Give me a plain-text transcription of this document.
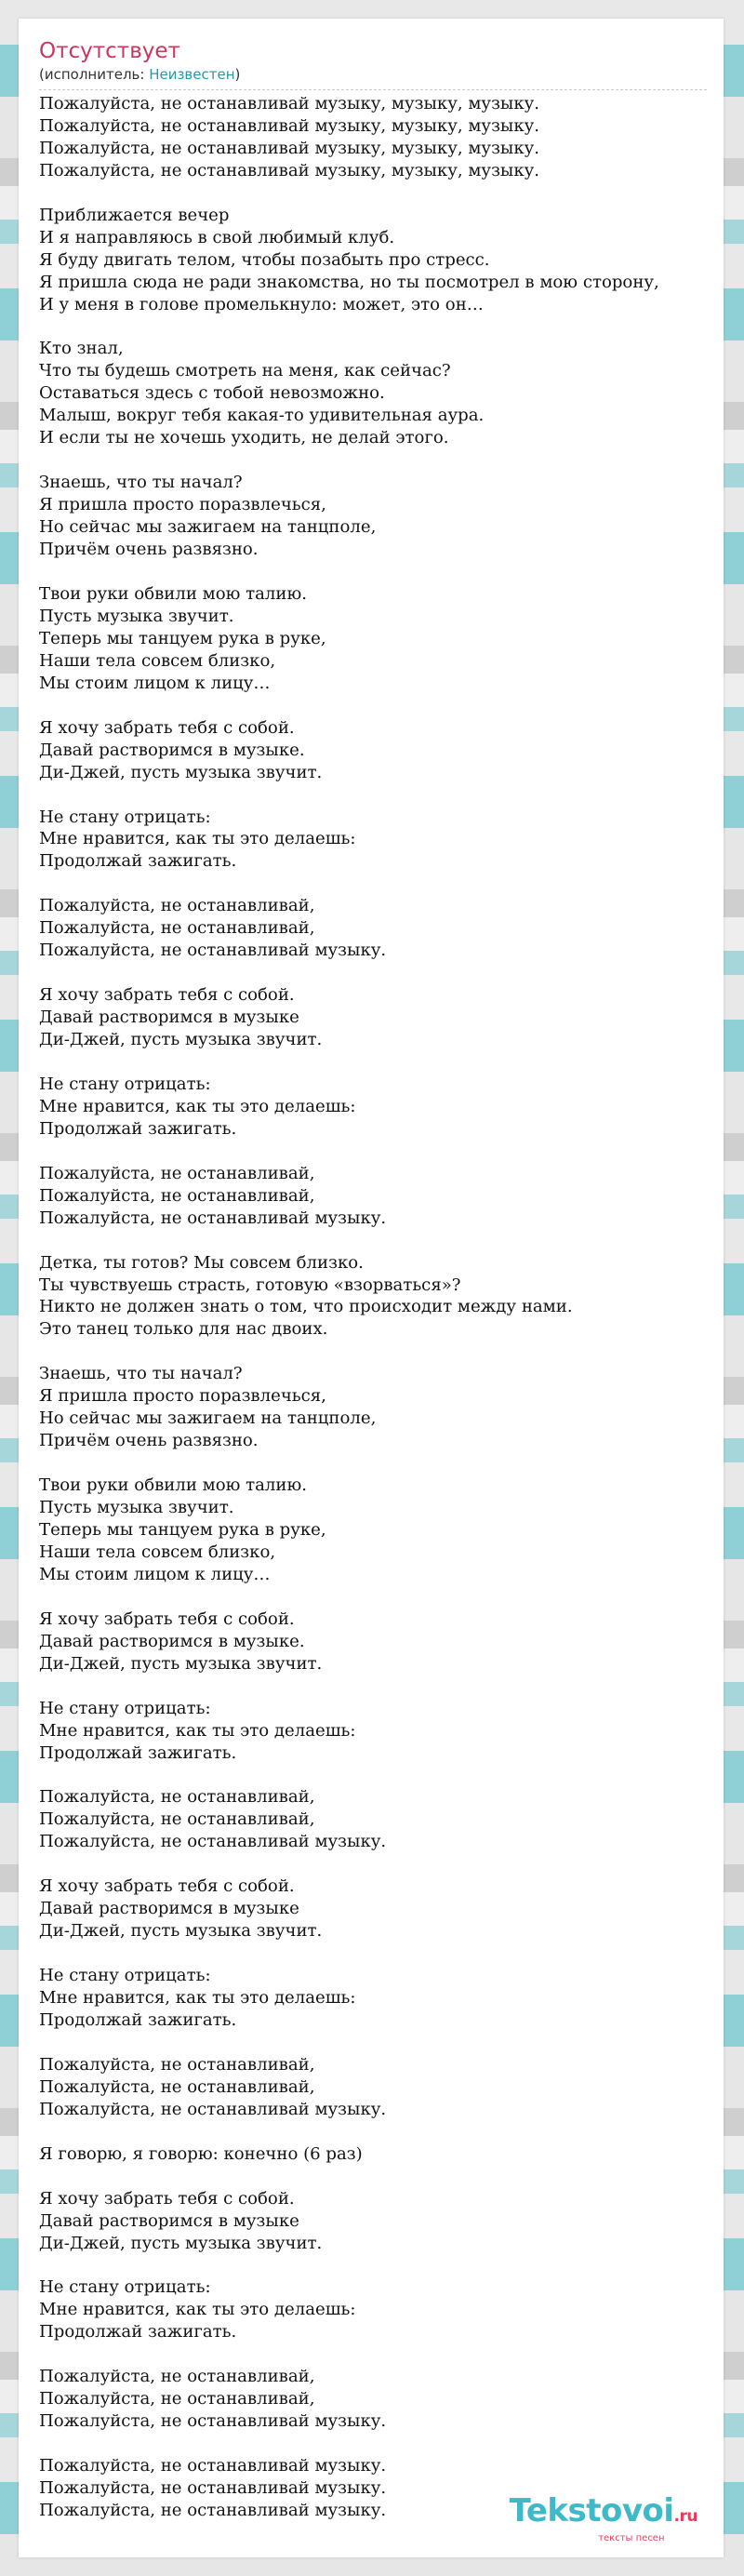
Отсутствует
(исполнитель: Неизвестен)
Пожалуйста, не останавливай музыку, музыку, музыку.
Пожалуйста, не останавливай музыку, музыку, музыку.
Пожалуйста, не останавливай музыку, музыку, музыку.
Пожалуйста, не останавливай музыку, музыку, музыку.

Приближается вечер
И я направляюсь в свой любимый клуб.
Я буду двигать телом, чтобы позабыть про стресс.
Я пришла сюда не ради знакомства, но ты посмотрел в мою сторону,
И у меня в голове промелькнуло: может, это он…

Кто знал,
Что ты будешь смотреть на меня, как сейчас?
Оставаться здесь с тобой невозможно.
Малыш, вокруг тебя какая-то удивительная аура.
И если ты не хочешь уходить, не делай этого.

Знаешь, что ты начал?
Я пришла просто поразвлечься,
Но сейчас мы зажигаем на танцполе,
Причём очень развязно.

Твои руки обвили мою талию.
Пусть музыка звучит.
Теперь мы танцуем рука в руке,
Наши тела совсем близко,
Мы стоим лицом к лицу…

Я хочу забрать тебя с собой.
Давай растворимся в музыке.
Ди-Джей, пусть музыка звучит.

Не стану отрицать:
Мне нравится, как ты это делаешь:
Продолжай зажигать.

Пожалуйста, не останавливай,
Пожалуйста, не останавливай,
Пожалуйста, не останавливай музыку.

Я хочу забрать тебя с собой.
Давай растворимся в музыке
Ди-Джей, пусть музыка звучит.

Не стану отрицать:
Мне нравится, как ты это делаешь:
Продолжай зажигать.

Пожалуйста, не останавливай,
Пожалуйста, не останавливай,
Пожалуйста, не останавливай музыку.

Детка, ты готов? Мы совсем близко.
Ты чувствуешь страсть, готовую «взорваться»?
Никто не должен знать о том, что происходит между нами.
Это танец только для нас двоих.

Знаешь, что ты начал?
Я пришла просто поразвлечься,
Но сейчас мы зажигаем на танцполе,
Причём очень развязно.

Твои руки обвили мою талию.
Пусть музыка звучит.
Теперь мы танцуем рука в руке,
Наши тела совсем близко,
Мы стоим лицом к лицу…

Я хочу забрать тебя с собой.
Давай растворимся в музыке.
Ди-Джей, пусть музыка звучит.

Не стану отрицать:
Мне нравится, как ты это делаешь:
Продолжай зажигать.

Пожалуйста, не останавливай,
Пожалуйста, не останавливай,
Пожалуйста, не останавливай музыку.

Я хочу забрать тебя с собой.
Давай растворимся в музыке
Ди-Джей, пусть музыка звучит.

Не стану отрицать:
Мне нравится, как ты это делаешь:
Продолжай зажигать.

Пожалуйста, не останавливай,
Пожалуйста, не останавливай,
Пожалуйста, не останавливай музыку.

Я говорю, я говорю: конечно (6 раз)

Я хочу забрать тебя с собой.
Давай растворимся в музыке
Ди-Джей, пусть музыка звучит.

Не стану отрицать:
Мне нравится, как ты это делаешь:
Продолжай зажигать.

Пожалуйста, не останавливай,
Пожалуйста, не останавливай,
Пожалуйста, не останавливай музыку.

Пожалуйста, не останавливай музыку.
Пожалуйста, не останавливай музыку.
Пожалуйста, не останавливай музыку.	Tekstovoi.ru
тексты песен
